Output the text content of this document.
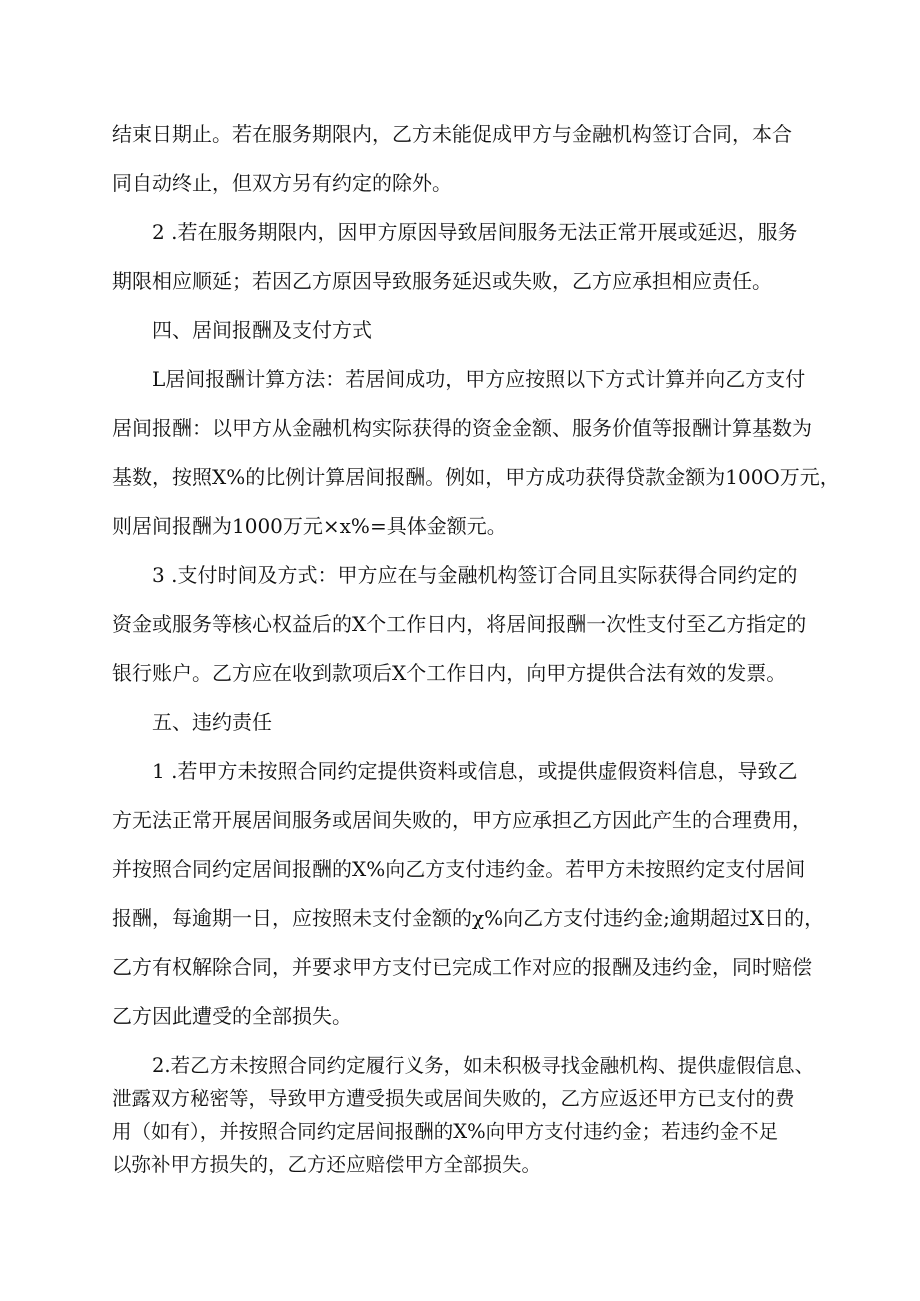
结束日期止。若在服务期限内，乙方未能促成甲方与金融机构签订合同，本合
同自动终止，但双方另有约定的除外。
2 .若在服务期限内，因甲方原因导致居间服务无法正常开展或延迟，服务
期限相应顺延；若因乙方原因导致服务延迟或失败，乙方应承担相应责任。
四、居间报酬及支付方式
L居间报酬计算方法：若居间成功，甲方应按照以下方式计算并向乙方支付
居间报酬：以甲方从金融机构实际获得的资金金额、服务价值等报酬计算基数为
基数，按照X%的比例计算居间报酬。例如，甲方成功获得贷款金额为100O万元，
则居间报酬为1000万元×x%=具体金额元。
3 .支付时间及方式：甲方应在与金融机构签订合同且实际获得合同约定的
资金或服务等核心权益后的X个工作日内，将居间报酬一次性支付至乙方指定的
银行账户。乙方应在收到款项后X个工作日内，向甲方提供合法有效的发票。
五、违约责任
1 .若甲方未按照合同约定提供资料或信息，或提供虚假资料信息，导致乙
方无法正常开展居间服务或居间失败的，甲方应承担乙方因此产生的合理费用，
并按照合同约定居间报酬的X%向乙方支付违约金。若甲方未按照约定支付居间
报酬，每逾期一日，应按照未支付金额的χ%向乙方支付违约金;逾期超过X日的，
乙方有权解除合同，并要求甲方支付已完成工作对应的报酬及违约金，同时赔偿
乙方因此遭受的全部损失。
2.若乙方未按照合同约定履行义务，如未积极寻找金融机构、提供虚假信息、
泄露双方秘密等，导致甲方遭受损失或居间失败的，乙方应返还甲方已支付的费
用（如有），并按照合同约定居间报酬的X%向甲方支付违约金；若违约金不足
以弥补甲方损失的，乙方还应赔偿甲方全部损失。
